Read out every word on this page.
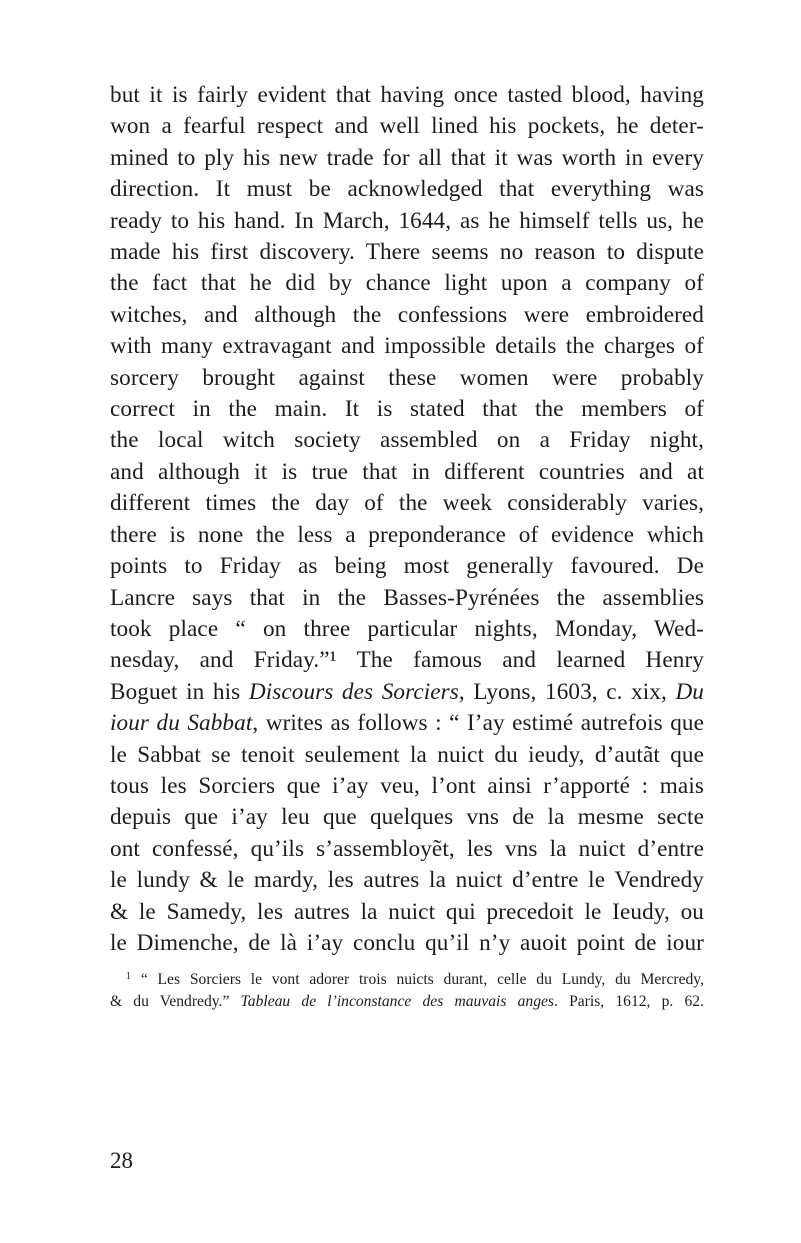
but it is fairly evident that having once tasted blood, having
won a fearful respect and well lined his pockets, he deter-
mined to ply his new trade for all that it was worth in every
direction. It must be acknowledged that everything was
ready to his hand. In March, 1644, as he himself tells us, he
made his first discovery. There seems no reason to dispute
the fact that he did by chance light upon a company of
witches, and although the confessions were embroidered
with many extravagant and impossible details the charges of
sorcery brought against these women were probably
correct in the main. It is stated that the members of
the local witch society assembled on a Friday night,
and although it is true that in different countries and at
different times the day of the week considerably varies,
there is none the less a preponderance of evidence which
points to Friday as being most generally favoured. De
Lancre says that in the Basses-Pyrénées the assemblies
took place “ on three particular nights, Monday, Wed-
nesday, and Friday.”¹ The famous and learned Henry
Boguet in his Discours des Sorciers, Lyons, 1603, c. xix, Du
iour du Sabbat, writes as follows : “ I’ay estimé autrefois que
le Sabbat se tenoit seulement la nuict du ieudy, d’autãt que
tous les Sorciers que i’ay veu, l’ont ainsi r’apporté : mais
depuis que i’ay leu que quelques vns de la mesme secte
ont confessé, qu’ils s’assembloyẽt, les vns la nuict d’entre
le lundy & le mardy, les autres la nuict d’entre le Vendredy
& le Samedy, les autres la nuict qui precedoit le Ieudy, ou
le Dimenche, de là i’ay conclu qu’il n’y auoit point de iour
$^1$ “ Les Sorciers le vont adorer trois nuicts durant, celle du Lundy, du Mercredy,
& du Vendredy.” Tableau de l’inconstance des mauvais anges. Paris, 1612, p. 62.
28
